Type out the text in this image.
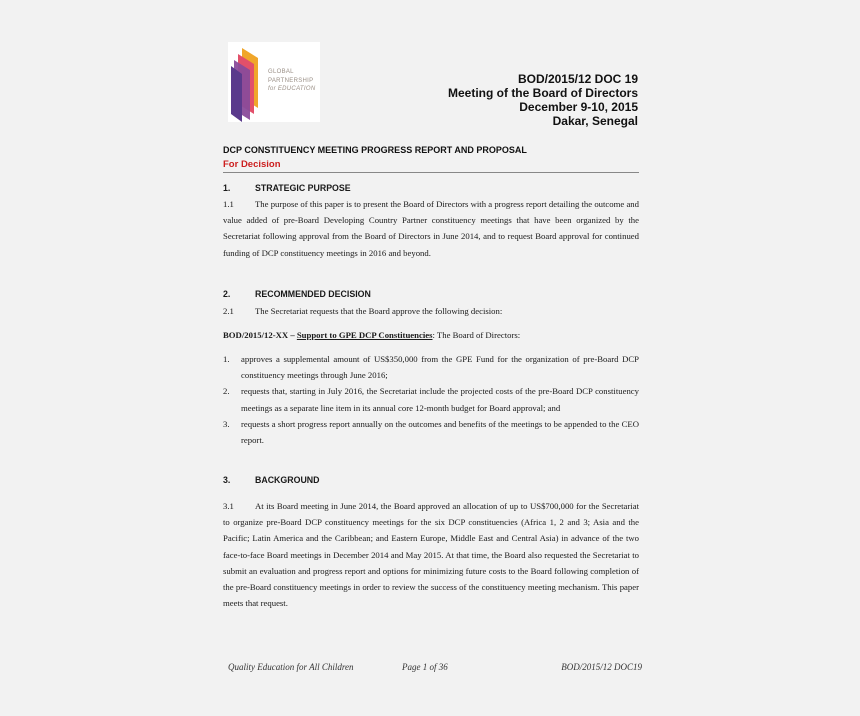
GLOBAL
PARTNERSHIP
for EDUCATION
BOD/2015/12 DOC 19
Meeting of the Board of Directors
December 9-10, 2015
Dakar, Senegal
DCP CONSTITUENCY MEETING PROGRESS REPORT AND PROPOSAL
For Decision
1.	STRATEGIC PURPOSE
1.1 The purpose of this paper is to present the Board of Directors with a progress report detailing the outcome and value added of pre-Board Developing Country Partner constituency meetings that have been organized by the Secretariat following approval from the Board of Directors in June 2014, and to request Board approval for continued funding of DCP constituency meetings in 2016 and beyond.
2.	RECOMMENDED DECISION
2.1 The Secretariat requests that the Board approve the following decision:
BOD/2015/12-XX – Support to GPE DCP Constituencies: The Board of Directors:
1. approves a supplemental amount of US$350,000 from the GPE Fund for the organization of pre-Board DCP constituency meetings through June 2016;
2. requests that, starting in July 2016, the Secretariat include the projected costs of the pre-Board DCP constituency meetings as a separate line item in its annual core 12-month budget for Board approval; and
3. requests a short progress report annually on the outcomes and benefits of the meetings to be appended to the CEO report.
3.	BACKGROUND
3.1 At its Board meeting in June 2014, the Board approved an allocation of up to US$700,000 for the Secretariat to organize pre-Board DCP constituency meetings for the six DCP constituencies (Africa 1, 2 and 3; Asia and the Pacific; Latin America and the Caribbean; and Eastern Europe, Middle East and Central Asia) in advance of the two face-to-face Board meetings in December 2014 and May 2015. At that time, the Board also requested the Secretariat to submit an evaluation and progress report and options for minimizing future costs to the Board following completion of the pre-Board constituency meetings in order to review the success of the constituency meeting mechanism. This paper meets that request.
Quality Education for All Children	Page 1 of 36	BOD/2015/12 DOC19
